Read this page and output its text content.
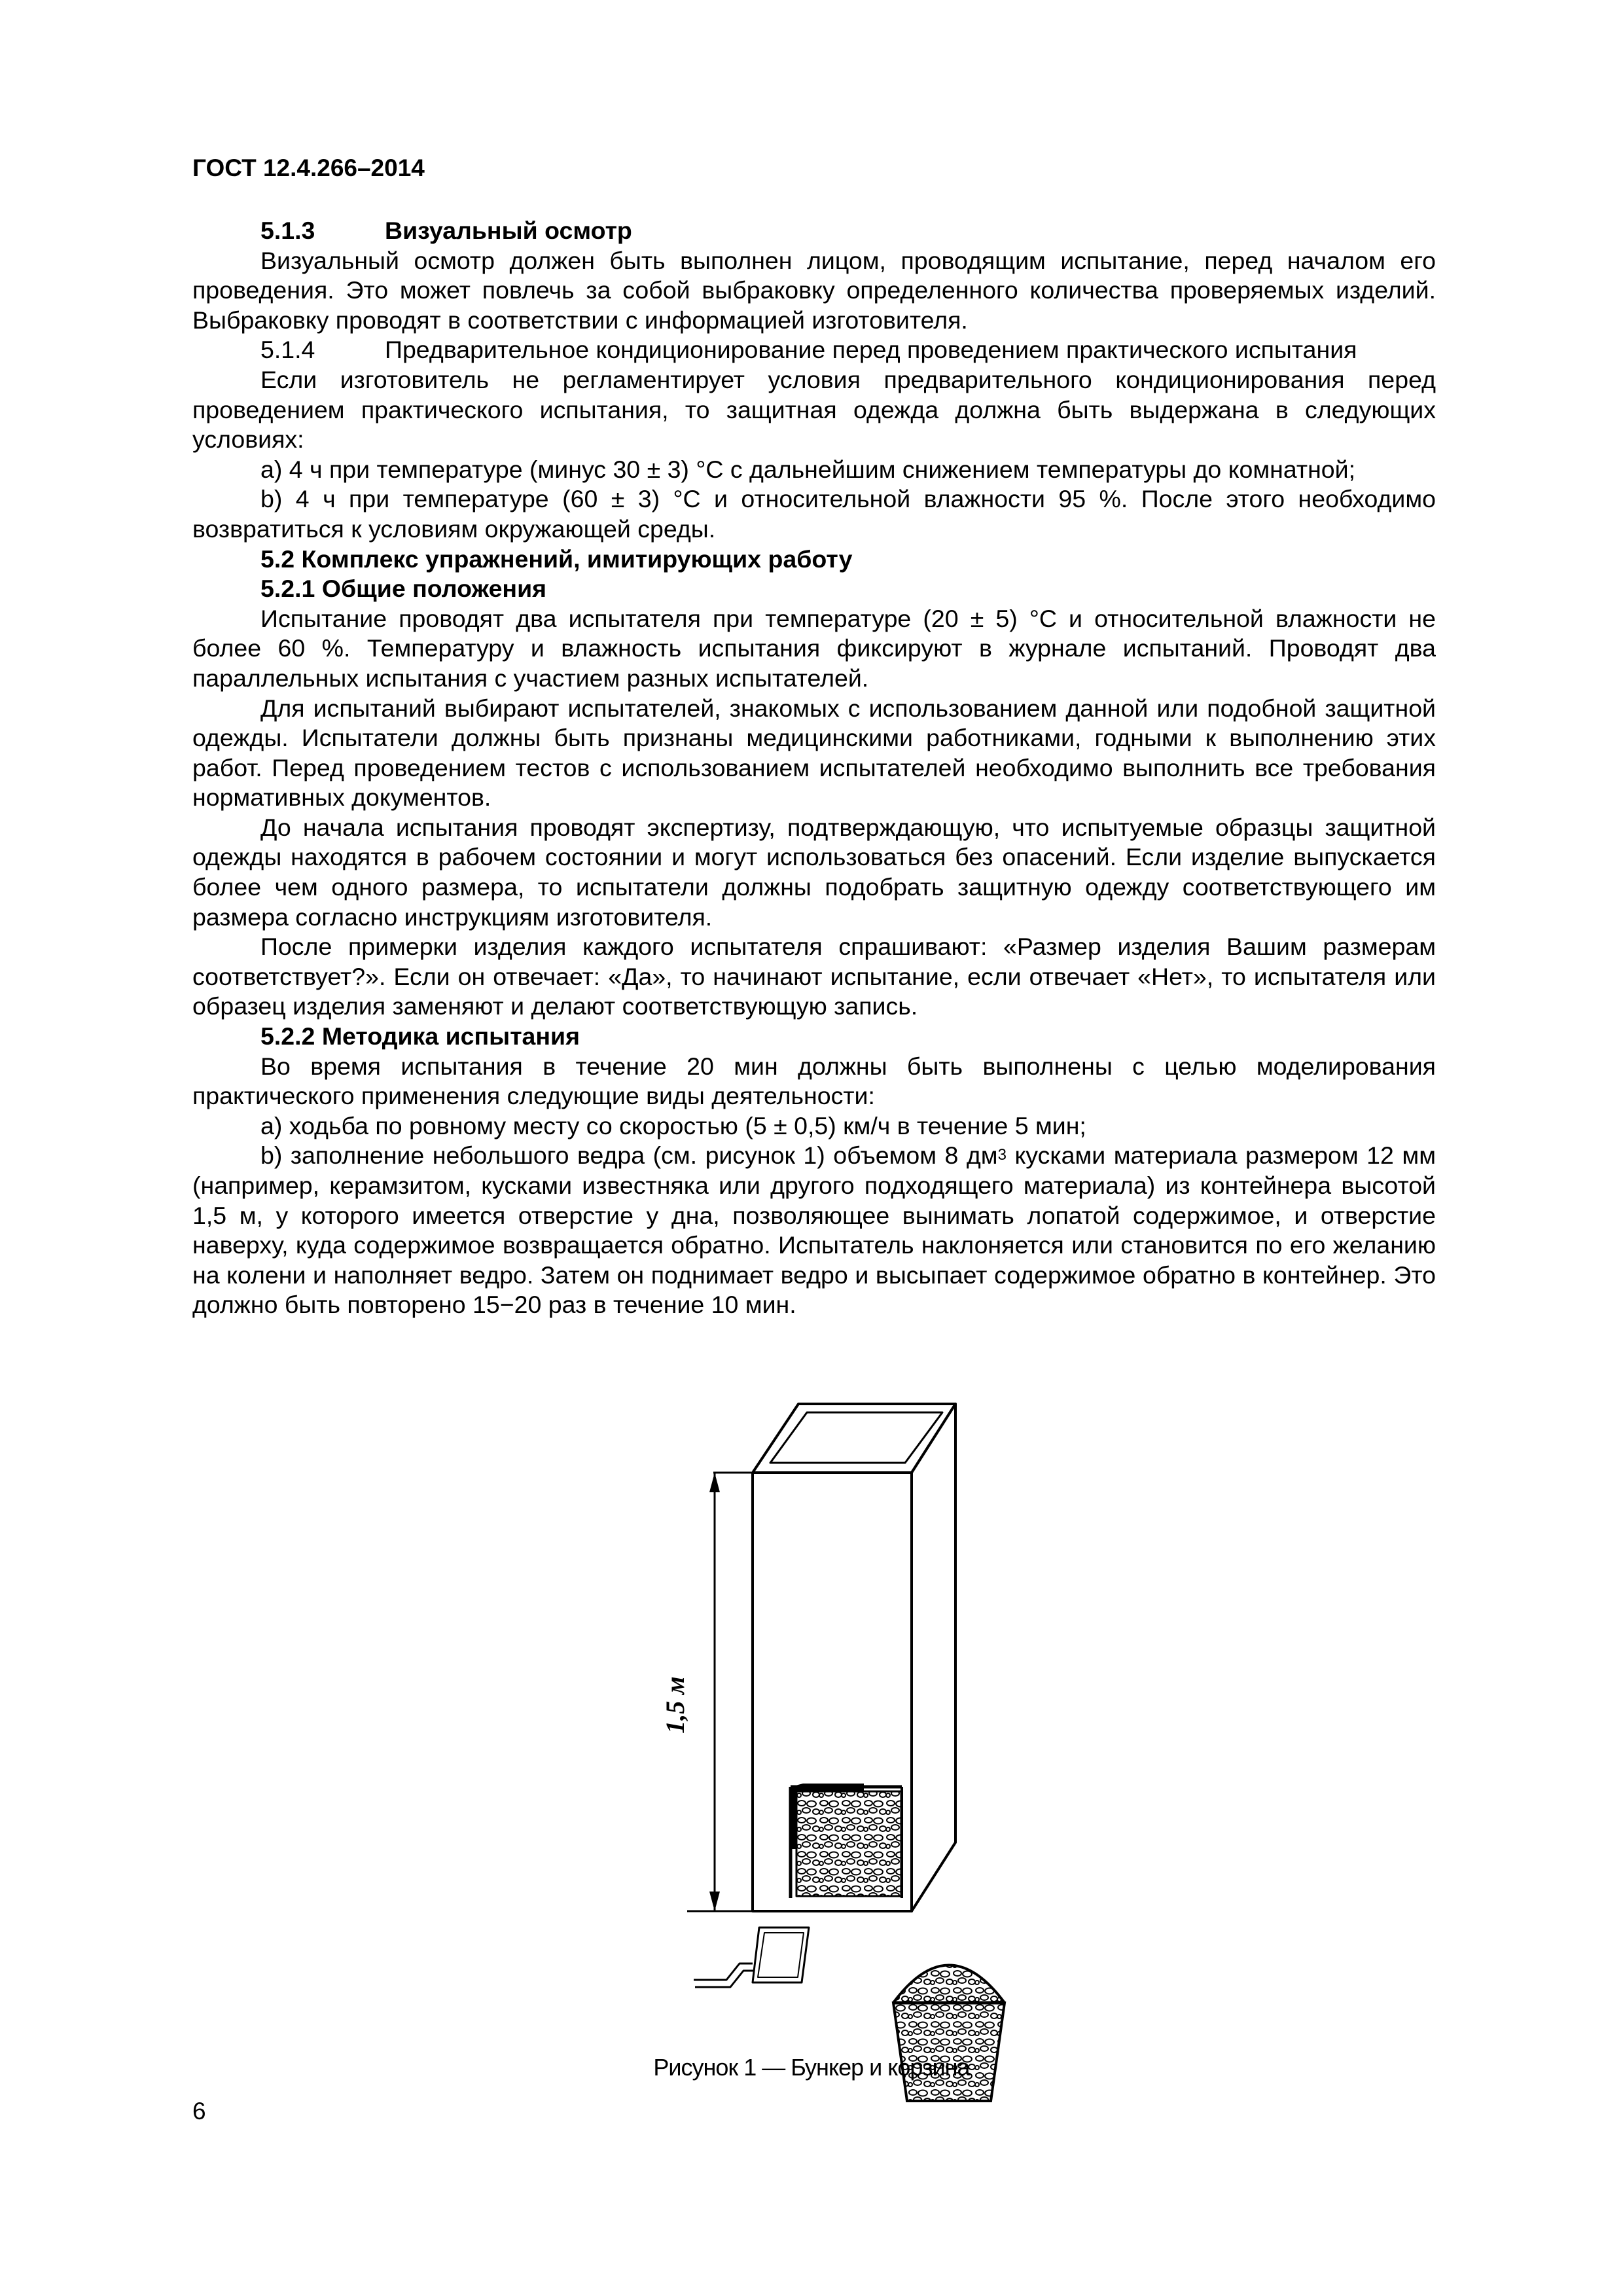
ГОСТ 12.4.266–2014

5.1.3	Визуальный осмотр

Визуальный осмотр должен быть выполнен лицом, проводящим испытание, перед началом его проведения. Это может повлечь за собой выбраковку определенного количества проверяемых изделий. Выбраковку проводят в соответствии с информацией изготовителя.

5.1.4	Предварительное кондиционирование перед проведением практического испытания

Если изготовитель не регламентирует условия предварительного кондиционирования перед проведением практического испытания, то защитная одежда должна быть выдержана в следующих условиях:

a) 4 ч при температуре (минус 30 ± 3) °С с дальнейшим снижением температуры до комнатной;

b) 4 ч при температуре (60 ± 3) °С и относительной влажности 95 %. После этого необходимо возвратиться к условиям окружающей среды.

5.2 Комплекс упражнений, имитирующих работу

5.2.1 Общие положения

Испытание проводят два испытателя при температуре (20 ± 5) °С и относительной влажности не более 60 %. Температуру и влажность испытания фиксируют в журнале испытаний. Проводят два параллельных испытания с участием разных испытателей.

Для испытаний выбирают испытателей, знакомых с использованием данной или подобной защитной одежды. Испытатели должны быть признаны медицинскими работниками, годными к выполнению этих работ. Перед проведением тестов с использованием испытателей необходимо выполнить все требования нормативных документов.

До начала испытания проводят экспертизу, подтверждающую, что испытуемые образцы защитной одежды находятся в рабочем состоянии и могут использоваться без опасений. Если изделие выпускается более чем одного размера, то испытатели должны подобрать защитную одежду соответствующего им размера согласно инструкциям изготовителя.

После примерки изделия каждого испытателя спрашивают: «Размер изделия Вашим размерам соответствует?». Если он отвечает: «Да», то начинают испытание, если отвечает «Нет», то испытателя или образец изделия заменяют и делают соответствующую запись.

5.2.2 Методика испытания

Во время испытания в течение 20 мин должны быть выполнены с целью моделирования практического применения следующие виды деятельности:

a) ходьба по ровному месту со скоростью (5 ± 0,5) км/ч в течение 5 мин;

b) заполнение небольшого ведра (см. рисунок 1) объемом 8 $дм^3$ кусками материала размером 12 мм (например, керамзитом, кусками известняка или другого подходящего материала) из контейнера высотой 1,5 м, у которого имеется отверстие у дна, позволяющее вынимать лопатой содержимое, и отверстие наверху, куда содержимое возвращается обратно. Испытатель наклоняется или становится по его желанию на колени и наполняет ведро. Затем он поднимает ведро и высыпает содержимое обратно в контейнер. Это должно быть повторено 15−20 раз в течение 10 мин.

1,5 м
Рисунок 1 — Бункер и корзина
6
